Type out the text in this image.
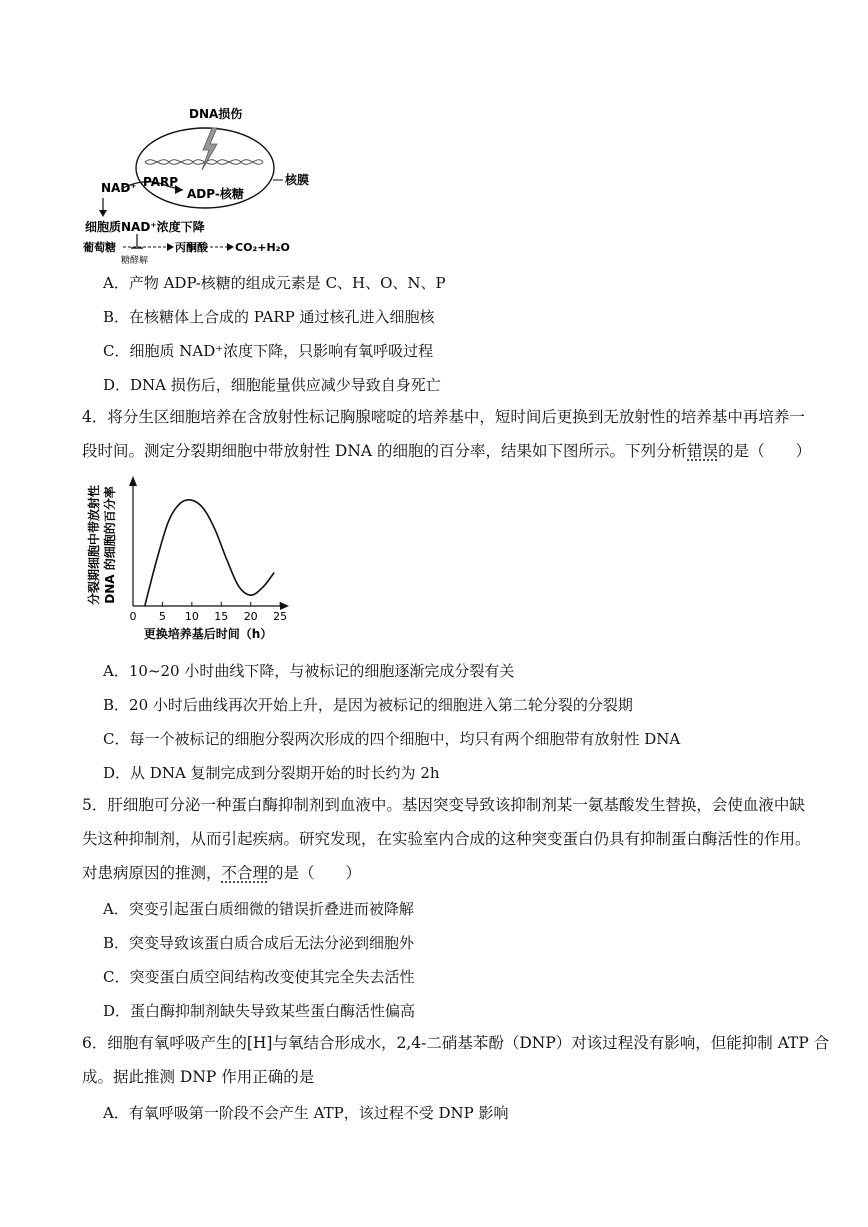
DNA损伤
核膜
NAD⁺ PARP
ADP-核糖
细胞质NAD⁺浓度下降
葡萄糖
糖酵解
丙酮酸 CO₂+H₂O
A．产物 ADP-核糖的组成元素是 C、H、O、N、P
B．在核糖体上合成的 PARP 通过核孔进入细胞核
C．细胞质 NAD⁺浓度下降，只影响有氧呼吸过程
D．DNA 损伤后，细胞能量供应减少导致自身死亡
4．将分生区细胞培养在含放射性标记胸腺嘧啶的培养基中，短时间后更换到无放射性的培养基中再培养一
段时间。测定分裂期细胞中带放射性 DNA 的细胞的百分率，结果如下图所示。下列分析错误的是（　　）
分裂期细胞中带放射性 DNA 的细胞的百分率
0 5 10 15 20 25
更换培养基后时间（h）
A．10~20 小时曲线下降，与被标记的细胞逐渐完成分裂有关
B．20 小时后曲线再次开始上升，是因为被标记的细胞进入第二轮分裂的分裂期
C．每一个被标记的细胞分裂两次形成的四个细胞中，均只有两个细胞带有放射性 DNA
D．从 DNA 复制完成到分裂期开始的时长约为 2h
5．肝细胞可分泌一种蛋白酶抑制剂到血液中。基因突变导致该抑制剂某一氨基酸发生替换，会使血液中缺
失这种抑制剂，从而引起疾病。研究发现，在实验室内合成的这种突变蛋白仍具有抑制蛋白酶活性的作用。
对患病原因的推测，不合理的是（　　）
A．突变引起蛋白质细微的错误折叠进而被降解
B．突变导致该蛋白质合成后无法分泌到细胞外
C．突变蛋白质空间结构改变使其完全失去活性
D．蛋白酶抑制剂缺失导致某些蛋白酶活性偏高
6．细胞有氧呼吸产生的[H]与氧结合形成水，2,4-二硝基苯酚（DNP）对该过程没有影响，但能抑制 ATP 合
成。据此推测 DNP 作用正确的是
A．有氧呼吸第一阶段不会产生 ATP，该过程不受 DNP 影响
